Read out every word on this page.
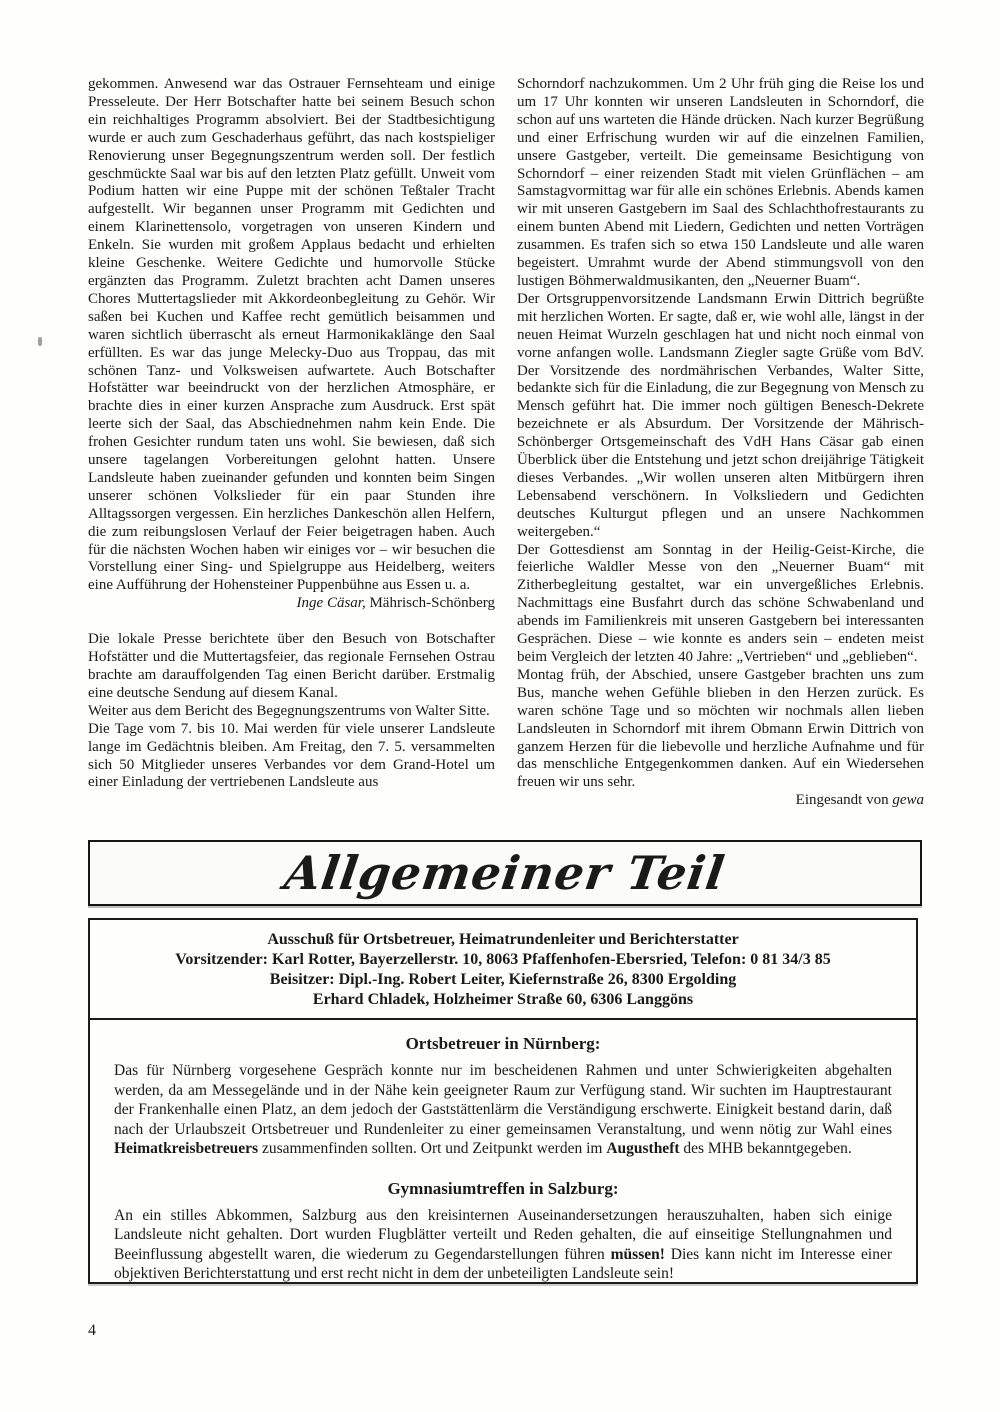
gekommen. Anwesend war das Ostrauer Fernsehteam und einige Presseleute. Der Herr Botschafter hatte bei seinem Besuch schon ein reichhaltiges Programm absolviert. Bei der Stadtbesichtigung wurde er auch zum Geschaderhaus geführt, das nach kostspieliger Renovierung unser Begegnungszentrum werden soll. Der festlich geschmückte Saal war bis auf den letzten Platz gefüllt. Unweit vom Podium hatten wir eine Puppe mit der schönen Teßtaler Tracht aufgestellt. Wir begannen unser Programm mit Gedichten und einem Klarinettensolo, vorgetragen von unseren Kindern und Enkeln. Sie wurden mit großem Applaus bedacht und erhielten kleine Geschenke. Weitere Gedichte und humorvolle Stücke ergänzten das Programm. Zuletzt brachten acht Damen unseres Chores Muttertagslieder mit Akkordeonbegleitung zu Gehör. Wir saßen bei Kuchen und Kaffee recht gemütlich beisammen und waren sichtlich überrascht als erneut Harmonikaklänge den Saal erfüllten. Es war das junge Melecky-Duo aus Troppau, das mit schönen Tanz- und Volksweisen aufwartete. Auch Botschafter Hofstätter war beeindruckt von der herzlichen Atmosphäre, er brachte dies in einer kurzen Ansprache zum Ausdruck. Erst spät leerte sich der Saal, das Abschiednehmen nahm kein Ende. Die frohen Gesichter rundum taten uns wohl. Sie bewiesen, daß sich unsere tagelangen Vorbereitungen gelohnt hatten. Unsere Landsleute haben zueinander gefunden und konnten beim Singen unserer schönen Volkslieder für ein paar Stunden ihre Alltagssorgen vergessen. Ein herzliches Dankeschön allen Helfern, die zum reibungslosen Verlauf der Feier beigetragen haben. Auch für die nächsten Wochen haben wir einiges vor – wir besuchen die Vorstellung einer Sing- und Spielgruppe aus Heidelberg, weiters eine Aufführung der Hohensteiner Puppenbühne aus Essen u. a.

Inge Cäsar, Mährisch-Schönberg

Die lokale Presse berichtete über den Besuch von Botschafter Hofstätter und die Muttertagsfeier, das regionale Fernsehen Ostrau brachte am darauffolgenden Tag einen Bericht darüber. Erstmalig eine deutsche Sendung auf diesem Kanal.

Weiter aus dem Bericht des Begegnungszentrums von Walter Sitte.

Die Tage vom 7. bis 10. Mai werden für viele unserer Landsleute lange im Gedächtnis bleiben. Am Freitag, den 7. 5. versammelten sich 50 Mitglieder unseres Verbandes vor dem Grand-Hotel um einer Einladung der vertriebenen Landsleute aus

Schorndorf nachzukommen. Um 2 Uhr früh ging die Reise los und um 17 Uhr konnten wir unseren Landsleuten in Schorndorf, die schon auf uns warteten die Hände drücken. Nach kurzer Begrüßung und einer Erfrischung wurden wir auf die einzelnen Familien, unsere Gastgeber, verteilt. Die gemeinsame Besichtigung von Schorndorf – einer reizenden Stadt mit vielen Grünflächen – am Samstagvormittag war für alle ein schönes Erlebnis. Abends kamen wir mit unseren Gastgebern im Saal des Schlachthofrestaurants zu einem bunten Abend mit Liedern, Gedichten und netten Vorträgen zusammen. Es trafen sich so etwa 150 Landsleute und alle waren begeistert. Umrahmt wurde der Abend stimmungsvoll von den lustigen Böhmerwaldmusikanten, den „Neuerner Buam“.

Der Ortsgruppenvorsitzende Landsmann Erwin Dittrich begrüßte mit herzlichen Worten. Er sagte, daß er, wie wohl alle, längst in der neuen Heimat Wurzeln geschlagen hat und nicht noch einmal von vorne anfangen wolle. Landsmann Ziegler sagte Grüße vom BdV. Der Vorsitzende des nordmährischen Verbandes, Walter Sitte, bedankte sich für die Einladung, die zur Begegnung von Mensch zu Mensch geführt hat. Die immer noch gültigen Benesch-Dekrete bezeichnete er als Absurdum. Der Vorsitzende der Mährisch-Schönberger Ortsgemeinschaft des VdH Hans Cäsar gab einen Überblick über die Entstehung und jetzt schon dreijährige Tätigkeit dieses Verbandes. „Wir wollen unseren alten Mitbürgern ihren Lebensabend verschönern. In Volksliedern und Gedichten deutsches Kulturgut pflegen und an unsere Nachkommen weitergeben.“

Der Gottesdienst am Sonntag in der Heilig-Geist-Kirche, die feierliche Waldler Messe von den „Neuerner Buam“ mit Zitherbegleitung gestaltet, war ein unvergeßliches Erlebnis. Nachmittags eine Busfahrt durch das schöne Schwabenland und abends im Familienkreis mit unseren Gastgebern bei interessanten Gesprächen. Diese – wie konnte es anders sein – endeten meist beim Vergleich der letzten 40 Jahre: „Vertrieben“ und „geblieben“.

Montag früh, der Abschied, unsere Gastgeber brachten uns zum Bus, manche wehen Gefühle blieben in den Herzen zurück. Es waren schöne Tage und so möchten wir nochmals allen lieben Landsleuten in Schorndorf mit ihrem Obmann Erwin Dittrich von ganzem Herzen für die liebevolle und herzliche Aufnahme und für das menschliche Entgegenkommen danken. Auf ein Wiedersehen freuen wir uns sehr.

Eingesandt von gewa

Allgemeiner Teil
Ausschuß für Ortsbetreuer, Heimatrundenleiter und Berichterstatter
Vorsitzender: Karl Rotter, Bayerzellerstr. 10, 8063 Pfaffenhofen-Ebersried, Telefon: 0 81 34/3 85
Beisitzer: Dipl.-Ing. Robert Leiter, Kiefernstraße 26, 8300 Ergolding
Erhard Chladek, Holzheimer Straße 60, 6306 Langgöns
Ortsbetreuer in Nürnberg:

Das für Nürnberg vorgesehene Gespräch konnte nur im bescheidenen Rahmen und unter Schwierigkeiten abgehalten werden, da am Messegelände und in der Nähe kein geeigneter Raum zur Verfügung stand. Wir suchten im Hauptrestaurant der Frankenhalle einen Platz, an dem jedoch der Gaststättenlärm die Verständigung erschwerte. Einigkeit bestand darin, daß nach der Urlaubszeit Ortsbetreuer und Rundenleiter zu einer gemeinsamen Veranstaltung, und wenn nötig zur Wahl eines Heimatkreisbetreuers zusammenfinden sollten. Ort und Zeitpunkt werden im Augustheft des MHB bekanntgegeben.

Gymnasiumtreffen in Salzburg:

An ein stilles Abkommen, Salzburg aus den kreisinternen Auseinandersetzungen herauszuhalten, haben sich einige Landsleute nicht gehalten. Dort wurden Flugblätter verteilt und Reden gehalten, die auf einseitige Stellungnahmen und Beeinflussung abgestellt waren, die wiederum zu Gegendarstellungen führen müssen! Dies kann nicht im Interesse einer objektiven Berichterstattung und erst recht nicht in dem der unbeteiligten Landsleute sein!

4
